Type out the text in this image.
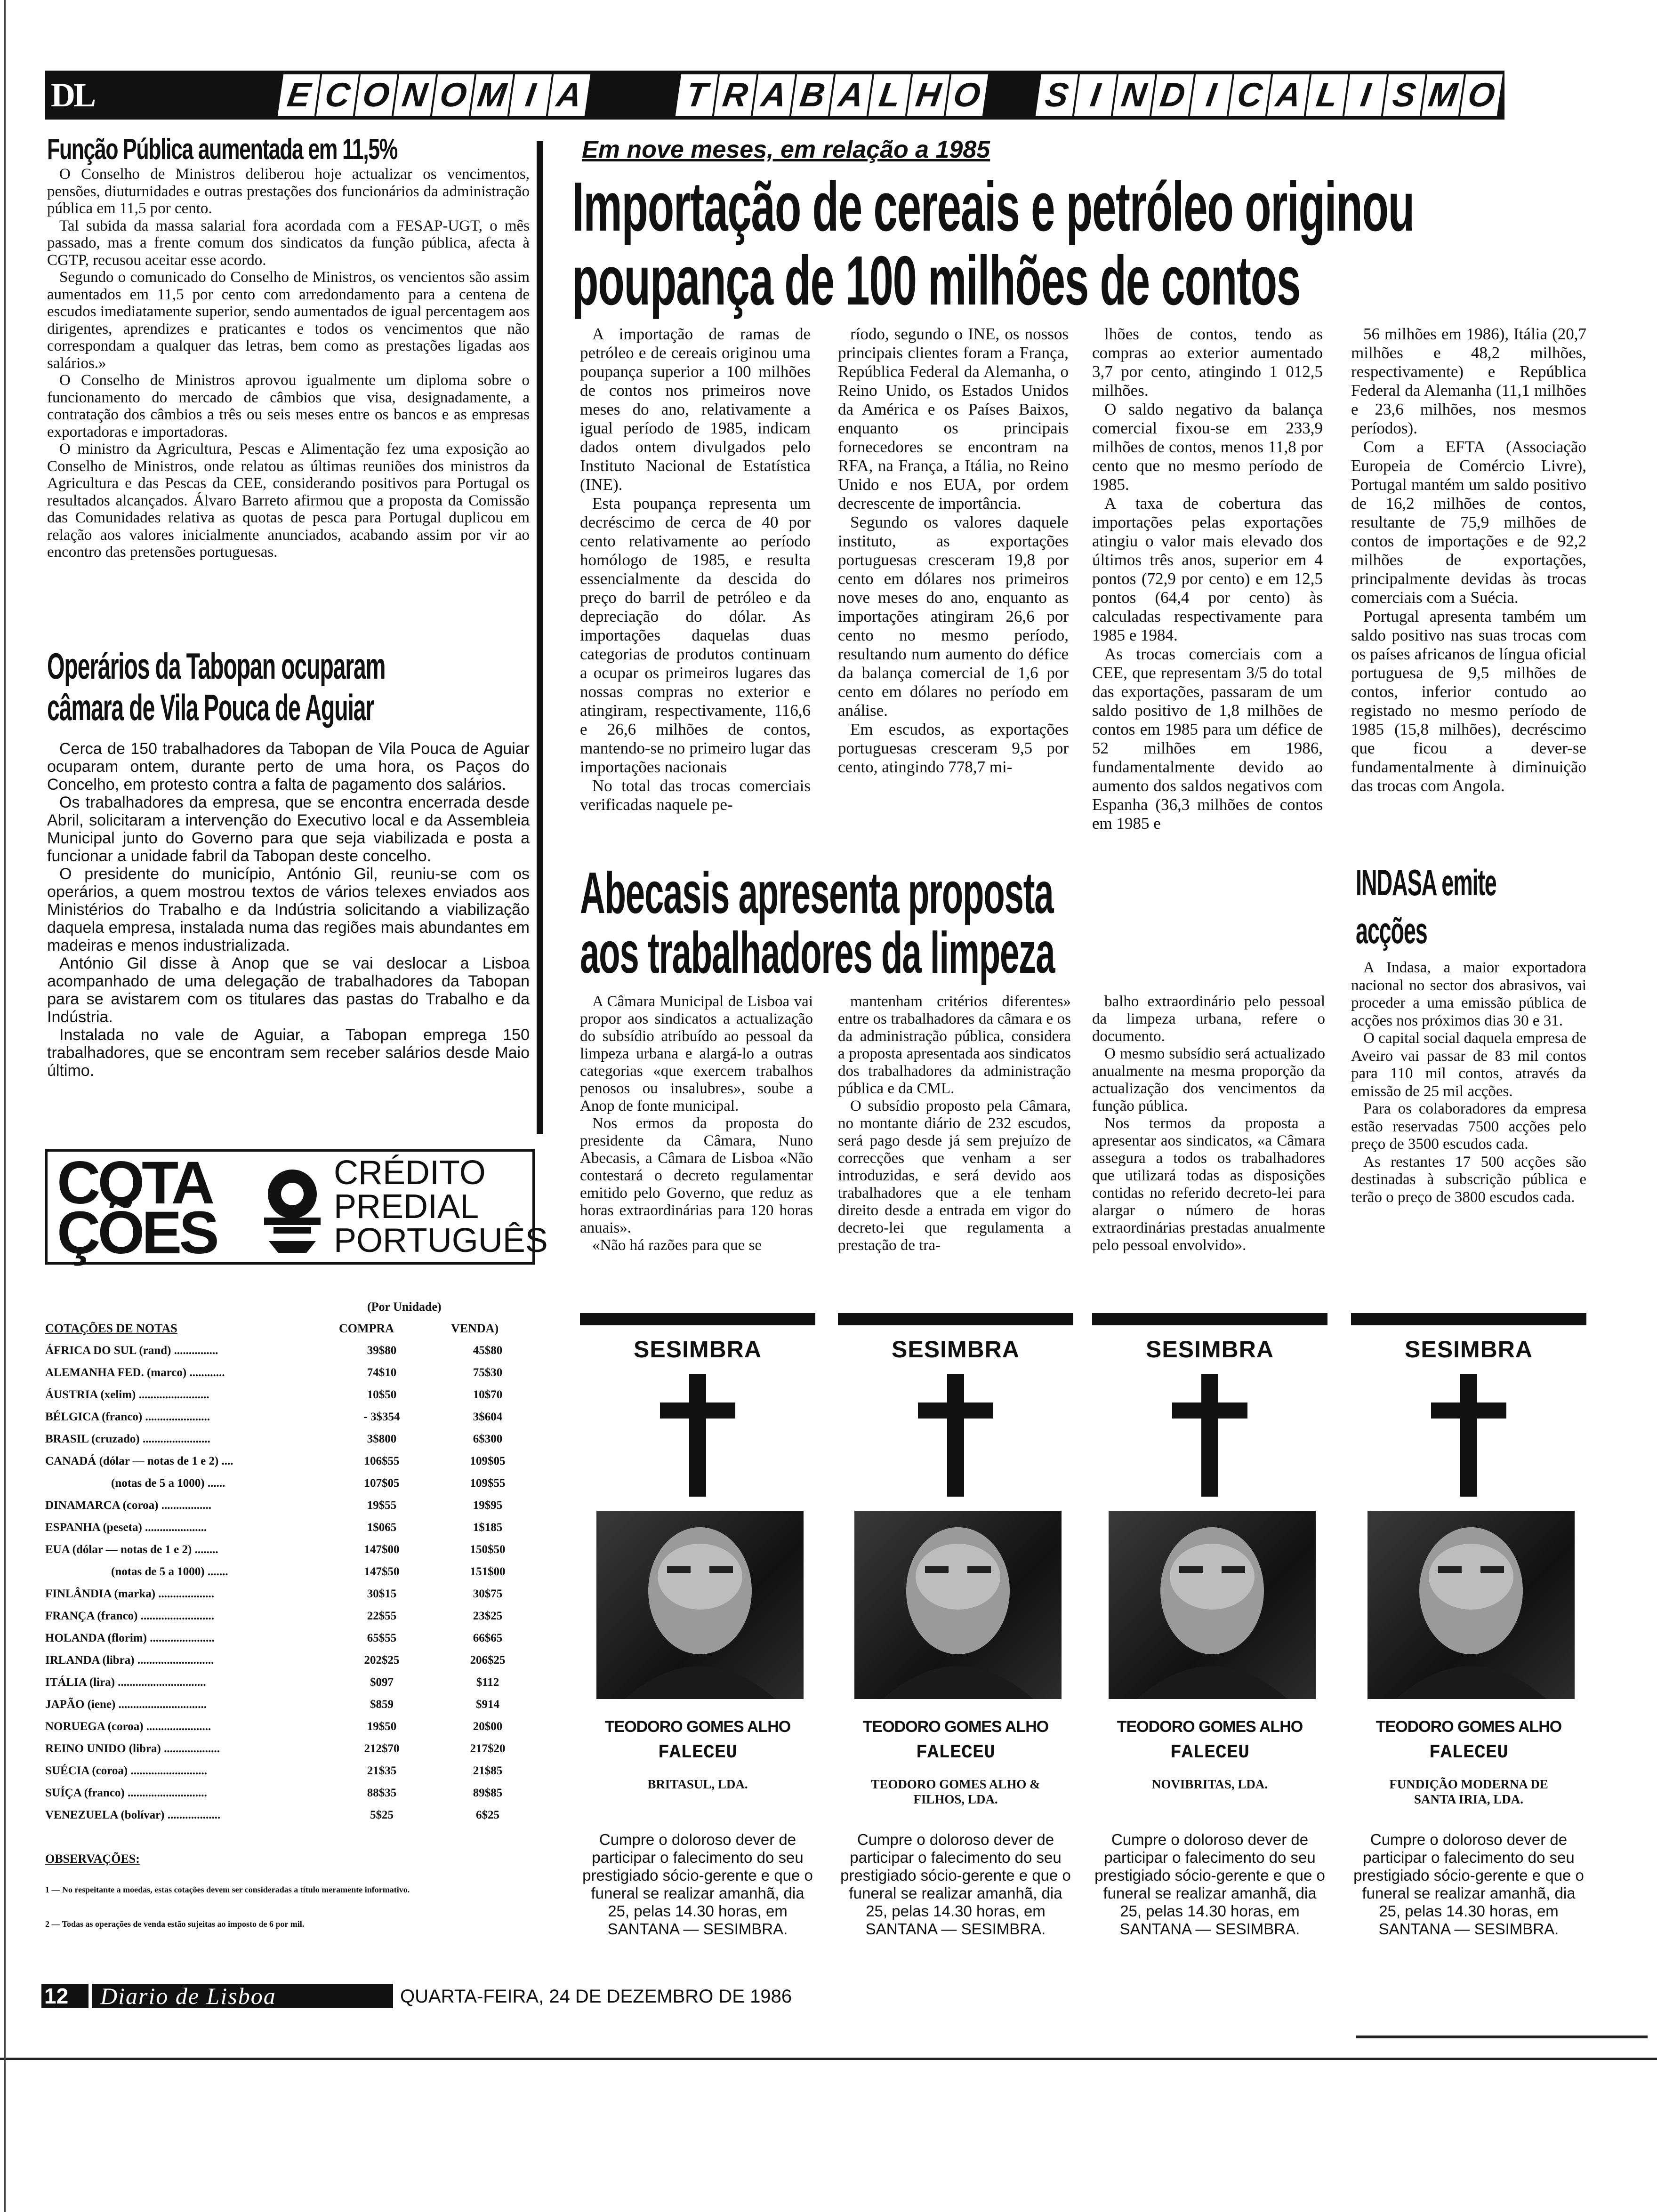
DL	E C O N O M I A	T R A B A L H O S I N D I C A L I S M O
Função Pública aumentada em 11,5%

O Conselho de Ministros deliberou hoje actualizar os vencimentos, pensões, diuturnidades e outras prestações dos funcionários da administração pública em 11,5 por cento.

Tal subida da massa salarial fora acordada com a FESAP-UGT, o mês passado, mas a frente comum dos sindicatos da função pública, afecta à CGTP, recusou aceitar esse acordo.

Segundo o comunicado do Conselho de Ministros, os vencientos são assim aumentados em 11,5 por cento com arredondamento para a centena de escudos imediatamente superior, sendo aumentados de igual percentagem aos dirigentes, aprendizes e praticantes e todos os vencimentos que não correspondam a qualquer das letras, bem como as prestações ligadas aos salários.»

O Conselho de Ministros aprovou igualmente um diploma sobre o funcionamento do mercado de câmbios que visa, designadamente, a contratação dos câmbios a três ou seis meses entre os bancos e as empresas exportadoras e importadoras.

O ministro da Agricultura, Pescas e Alimentação fez uma exposição ao Conselho de Ministros, onde relatou as últimas reuniões dos ministros da Agricultura e das Pescas da CEE, considerando positivos para Portugal os resultados alcançados. Álvaro Barreto afirmou que a proposta da Comissão das Comunidades relativa as quotas de pesca para Portugal duplicou em relação aos valores inicialmente anunciados, acabando assim por vir ao encontro das pretensões portuguesas.

Operários da Tabopan ocuparam
câmara de Vila Pouca de Aguiar

Cerca de 150 trabalhadores da Tabopan de Vila Pouca de Aguiar ocuparam ontem, durante perto de uma hora, os Paços do Concelho, em protesto contra a falta de pagamento dos salários.

Os trabalhadores da empresa, que se encontra encerrada desde Abril, solicitaram a intervenção do Executivo local e da Assembleia Municipal junto do Governo para que seja viabilizada e posta a funcionar a unidade fabril da Tabopan deste concelho.

O presidente do município, António Gil, reuniu-se com os operários, a quem mostrou textos de vários telexes enviados aos Ministérios do Trabalho e da Indústria solicitando a viabilização daquela empresa, instalada numa das regiões mais abundantes em madeiras e menos industrializada.

António Gil disse à Anop que se vai deslocar a Lisboa acompanhado de uma delegação de trabalhadores da Tabopan para se avistarem com os titulares das pastas do Trabalho e da Indústria.

Instalada no vale de Aguiar, a Tabopan emprega 150 trabalhadores, que se encontram sem receber salários desde Maio último.

Em nove meses, em relação a 1985
Importação de cereais e petróleo originou
poupança de 100 milhões de contos

A importação de ramas de petróleo e de cereais originou uma poupança superior a 100 milhões de contos nos primeiros nove meses do ano, relativamente a igual período de 1985, indicam dados ontem divulgados pelo Instituto Nacional de Estatística (INE).

Esta poupança representa um decréscimo de cerca de 40 por cento relativamente ao período homólogo de 1985, e resulta essencialmente da descida do preço do barril de petróleo e da depreciação do dólar. As importações daquelas duas categorias de produtos continuam a ocupar os primeiros lugares das nossas compras no exterior e atingiram, respectivamente, 116,6 e 26,6 milhões de contos, mantendo-se no primeiro lugar das importações nacionais

No total das trocas comerciais verificadas naquele pe-

ríodo, segundo o INE, os nossos principais clientes foram a França, República Federal da Alemanha, o Reino Unido, os Estados Unidos da América e os Países Baixos, enquanto os principais fornecedores se encontram na RFA, na França, a Itália, no Reino Unido e nos EUA, por ordem decrescente de importância.

Segundo os valores daquele instituto, as exportações portuguesas cresceram 19,8 por cento em dólares nos primeiros nove meses do ano, enquanto as importações atingiram 26,6 por cento no mesmo período, resultando num aumento do défice da balança comercial de 1,6 por cento em dólares no período em análise.

Em escudos, as exportações portuguesas cresceram 9,5 por cento, atingindo 778,7 mi-

lhões de contos, tendo as compras ao exterior aumentado 3,7 por cento, atingindo 1 012,5 milhões.

O saldo negativo da balança comercial fixou-se em 233,9 milhões de contos, menos 11,8 por cento que no mesmo período de 1985.

A taxa de cobertura das importações pelas exportações atingiu o valor mais elevado dos últimos três anos, superior em 4 pontos (72,9 por cento) e em 12,5 pontos (64,4 por cento) às calculadas respectivamente para 1985 e 1984.

As trocas comerciais com a CEE, que representam 3/5 do total das exportações, passaram de um saldo positivo de 1,8 milhões de contos em 1985 para um défice de 52 milhões em 1986, fundamentalmente devido ao aumento dos saldos negativos com Espanha (36,3 milhões de contos em 1985 e

56 milhões em 1986), Itália (20,7 milhões e 48,2 milhões, respectivamente) e República Federal da Alemanha (11,1 milhões e 23,6 milhões, nos mesmos períodos).

Com a EFTA (Associação Europeia de Comércio Livre), Portugal mantém um saldo positivo de 16,2 milhões de contos, resultante de 75,9 milhões de contos de importações e de 92,2 milhões de exportações, principalmente devidas às trocas comerciais com a Suécia.

Portugal apresenta também um saldo positivo nas suas trocas com os países africanos de língua oficial portuguesa de 9,5 milhões de contos, inferior contudo ao registado no mesmo período de 1985 (15,8 milhões), decréscimo que ficou a dever-se fundamentalmente à diminuição das trocas com Angola.

Abecasis apresenta proposta
aos trabalhadores da limpeza

A Câmara Municipal de Lisboa vai propor aos sindicatos a actualização do subsídio atribuído ao pessoal da limpeza urbana e alargá-lo a outras categorias «que exercem trabalhos penosos ou insalubres», soube a Anop de fonte municipal.

Nos ermos da proposta do presidente da Câmara, Nuno Abecasis, a Câmara de Lisboa «Não contestará o decreto regulamentar emitido pelo Governo, que reduz as horas extraordinárias para 120 horas anuais».

«Não há razões para que se

mantenham critérios diferentes» entre os trabalhadores da câmara e os da administração pública, considera a proposta apresentada aos sindicatos dos trabalhadores da administração pública e da CML.

O subsídio proposto pela Câmara, no montante diário de 232 escudos, será pago desde já sem prejuízo de correcções que venham a ser introduzidas, e será devido aos trabalhadores que a ele tenham direito desde a entrada em vigor do decreto-lei que regulamenta a prestação de tra-

balho extraordinário pelo pessoal da limpeza urbana, refere o documento.

O mesmo subsídio será actualizado anualmente na mesma proporção da actualização dos vencimentos da função pública.

Nos termos da proposta a apresentar aos sindicatos, «a Câmara assegura a todos os trabalhadores que utilizará todas as disposições contidas no referido decreto-lei para alargar o número de horas extraordinárias prestadas anualmente pelo pessoal envolvido».

INDASA emite
acções

A Indasa, a maior exportadora nacional no sector dos abrasivos, vai proceder a uma emissão pública de acções nos próximos dias 30 e 31.

O capital social daquela empresa de Aveiro vai passar de 83 mil contos para 110 mil contos, através da emissão de 25 mil acções.

Para os colaboradores da empresa estão reservadas 7500 acções pelo preço de 3500 escudos cada.

As restantes 17 500 acções são destinadas à subscrição pública e terão o preço de 3800 escudos cada.

COTA
ÇÕES
CRÉDITO
PREDIAL
PORTUGUÊS
(Por Unidade)
COTAÇÕES DE NOTAS	COMPRA	VENDA)
ÁFRICA DO SUL (rand) ...............	39$80	45$80
ALEMANHA FED. (marco) ............	74$10	75$30
ÁUSTRIA (xelim) ........................	10$50	10$70
BÉLGICA (franco) ......................	- 3$354	3$604
BRASIL (cruzado) .......................	3$800	6$300
CANADÁ (dólar — notas de 1 e 2) ....	106$55	109$05
(notas de 5 a 1000) ......	107$05	109$55
DINAMARCA (coroa) .................	19$55	19$95
ESPANHA (peseta) .....................	1$065	1$185
EUA (dólar — notas de 1 e 2) ........	147$00	150$50
(notas de 5 a 1000) .......	147$50	151$00
FINLÂNDIA (marka) ...................	30$15	30$75
FRANÇA (franco) .........................	22$55	23$25
HOLANDA (florim) ......................	65$55	66$65
IRLANDA (libra) ..........................	202$25	206$25
ITÁLIA (lira) ..............................	$097	$112
JAPÃO (iene) ..............................	$859	$914
NORUEGA (coroa) ......................	19$50	20$00
REINO UNIDO (libra) ...................	212$70	217$20
SUÉCIA (coroa) ..........................	21$35	21$85
SUÍÇA (franco) ...........................	88$35	89$85
VENEZUELA (bolívar) ..................	5$25	6$25
OBSERVAÇÕES:
1 — No respeitante a moedas, estas cotações devem ser consideradas a título meramente informativo.
2 — Todas as operações de venda estão sujeitas ao imposto de 6 por mil.
SESIMBRA
TEODORO GOMES ALHO
FALECEU
BRITASUL, LDA.
Cumpre o doloroso dever de participar o falecimento do seu prestigiado sócio-gerente e que o funeral se realizar amanhã, dia 25, pelas 14.30 horas, em SANTANA — SESIMBRA.
SESIMBRA
TEODORO GOMES ALHO
FALECEU
TEODORO GOMES ALHO & FILHOS, LDA.
Cumpre o doloroso dever de participar o falecimento do seu prestigiado sócio-gerente e que o funeral se realizar amanhã, dia 25, pelas 14.30 horas, em SANTANA — SESIMBRA.
SESIMBRA
TEODORO GOMES ALHO
FALECEU
NOVIBRITAS, LDA.
Cumpre o doloroso dever de participar o falecimento do seu prestigiado sócio-gerente e que o funeral se realizar amanhã, dia 25, pelas 14.30 horas, em SANTANA — SESIMBRA.
SESIMBRA
TEODORO GOMES ALHO
FALECEU
FUNDIÇÃO MODERNA DE SANTA IRIA, LDA.
Cumpre o doloroso dever de participar o falecimento do seu prestigiado sócio-gerente e que o funeral se realizar amanhã, dia 25, pelas 14.30 horas, em SANTANA — SESIMBRA.
12	Diario de Lisboa	QUARTA-FEIRA, 24 DE DEZEMBRO DE 1986
